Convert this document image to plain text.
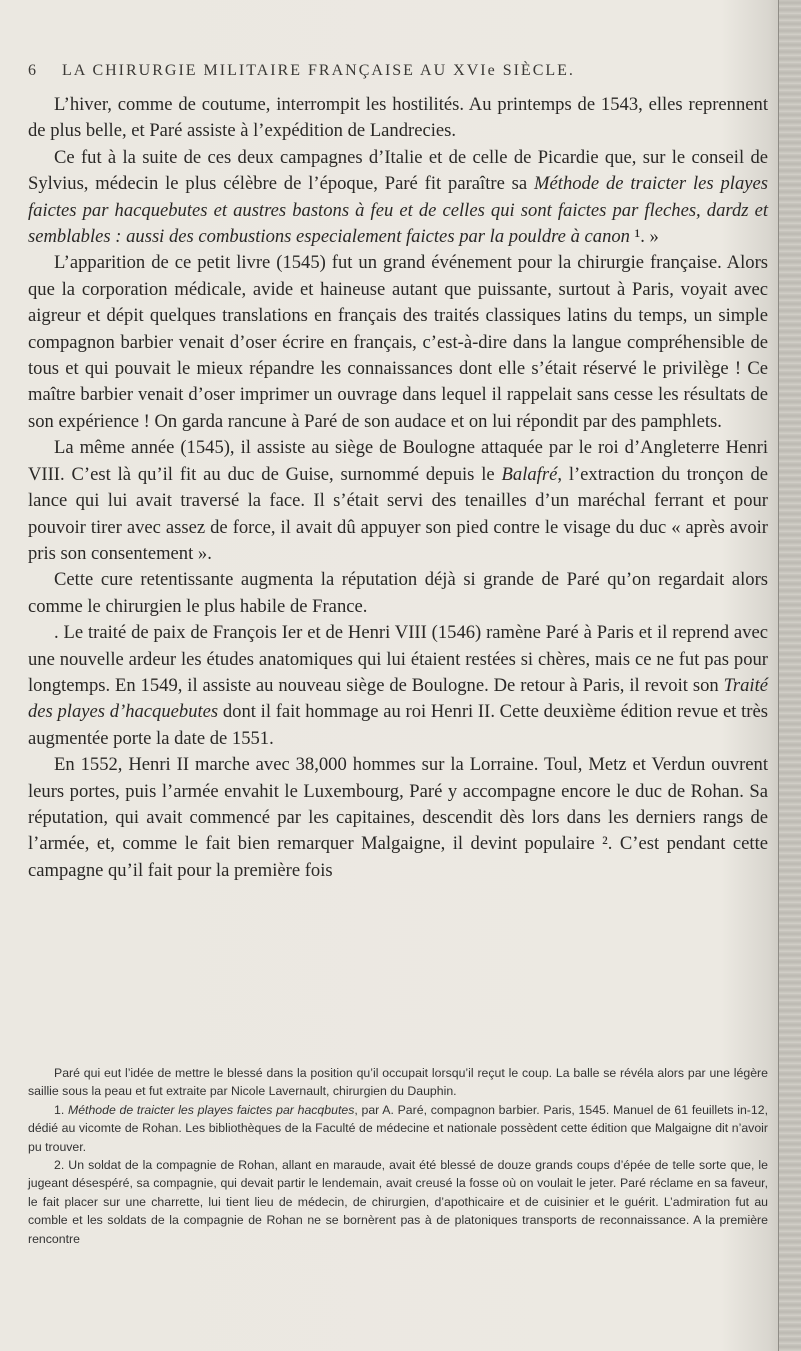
6 LA CHIRURGIE MILITAIRE FRANÇAISE AU XVIe SIÈCLE.

L’hiver, comme de coutume, interrompit les hostilités. Au printemps de 1543, elles reprennent de plus belle, et Paré assiste à l’expédition de Landrecies.

Ce fut à la suite de ces deux campagnes d’Italie et de celle de Picardie que, sur le conseil de Sylvius, médecin le plus célèbre de l’époque, Paré fit paraître sa Méthode de traicter les playes faictes par hacquebutes et austres bastons à feu et de celles qui sont faictes par fleches, dardz et semblables : aussi des combustions especialement faictes par la pouldre à canon ¹. »

L’apparition de ce petit livre (1545) fut un grand événement pour la chirurgie française. Alors que la corporation médicale, avide et haineuse autant que puissante, surtout à Paris, voyait avec aigreur et dépit quelques translations en français des traités classiques latins du temps, un simple compagnon barbier venait d’oser écrire en français, c’est-à-dire dans la langue compréhensible de tous et qui pouvait le mieux répandre les connaissances dont elle s’était réservé le privilège ! Ce maître barbier venait d’oser imprimer un ouvrage dans lequel il rappelait sans cesse les résultats de son expérience ! On garda rancune à Paré de son audace et on lui répondit par des pamphlets.

La même année (1545), il assiste au siège de Boulogne attaquée par le roi d’Angleterre Henri VIII. C’est là qu’il fit au duc de Guise, surnommé depuis le Balafré, l’extraction du tronçon de lance qui lui avait traversé la face. Il s’était servi des tenailles d’un maréchal ferrant et pour pouvoir tirer avec assez de force, il avait dû appuyer son pied contre le visage du duc « après avoir pris son consentement ».

Cette cure retentissante augmenta la réputation déjà si grande de Paré qu’on regardait alors comme le chirurgien le plus habile de France.

. Le traité de paix de François Ier et de Henri VIII (1546) ramène Paré à Paris et il reprend avec une nouvelle ardeur les études anatomiques qui lui étaient restées si chères, mais ce ne fut pas pour longtemps. En 1549, il assiste au nouveau siège de Boulogne. De retour à Paris, il revoit son Traité des playes d’hacquebutes dont il fait hommage au roi Henri II. Cette deuxième édition revue et très augmentée porte la date de 1551.

En 1552, Henri II marche avec 38,000 hommes sur la Lorraine. Toul, Metz et Verdun ouvrent leurs portes, puis l’armée envahit le Luxembourg, Paré y accompagne encore le duc de Rohan. Sa réputation, qui avait commencé par les capitaines, descendit dès lors dans les derniers rangs de l’armée, et, comme le fait bien remarquer Malgaigne, il devint populaire ². C’est pendant cette campagne qu’il fait pour la première fois

Paré qui eut l’idée de mettre le blessé dans la position qu’il occupait lorsqu’il reçut le coup. La balle se révéla alors par une légère saillie sous la peau et fut extraite par Nicole Lavernault, chirurgien du Dauphin.

1. Méthode de traicter les playes faictes par hacqbutes, par A. Paré, compagnon barbier. Paris, 1545. Manuel de 61 feuillets in-12, dédié au vicomte de Rohan. Les bibliothèques de la Faculté de médecine et nationale possèdent cette édition que Malgaigne dit n’avoir pu trouver.

2. Un soldat de la compagnie de Rohan, allant en maraude, avait été blessé de douze grands coups d’épée de telle sorte que, le jugeant désespéré, sa compagnie, qui devait partir le lendemain, avait creusé la fosse où on voulait le jeter. Paré réclame en sa faveur, le fait placer sur une charrette, lui tient lieu de médecin, de chirurgien, d’apothicaire et de cuisinier et le guérit. L’admiration fut au comble et les soldats de la compagnie de Rohan ne se bornèrent pas à de platoniques transports de reconnaissance. A la première rencontre
